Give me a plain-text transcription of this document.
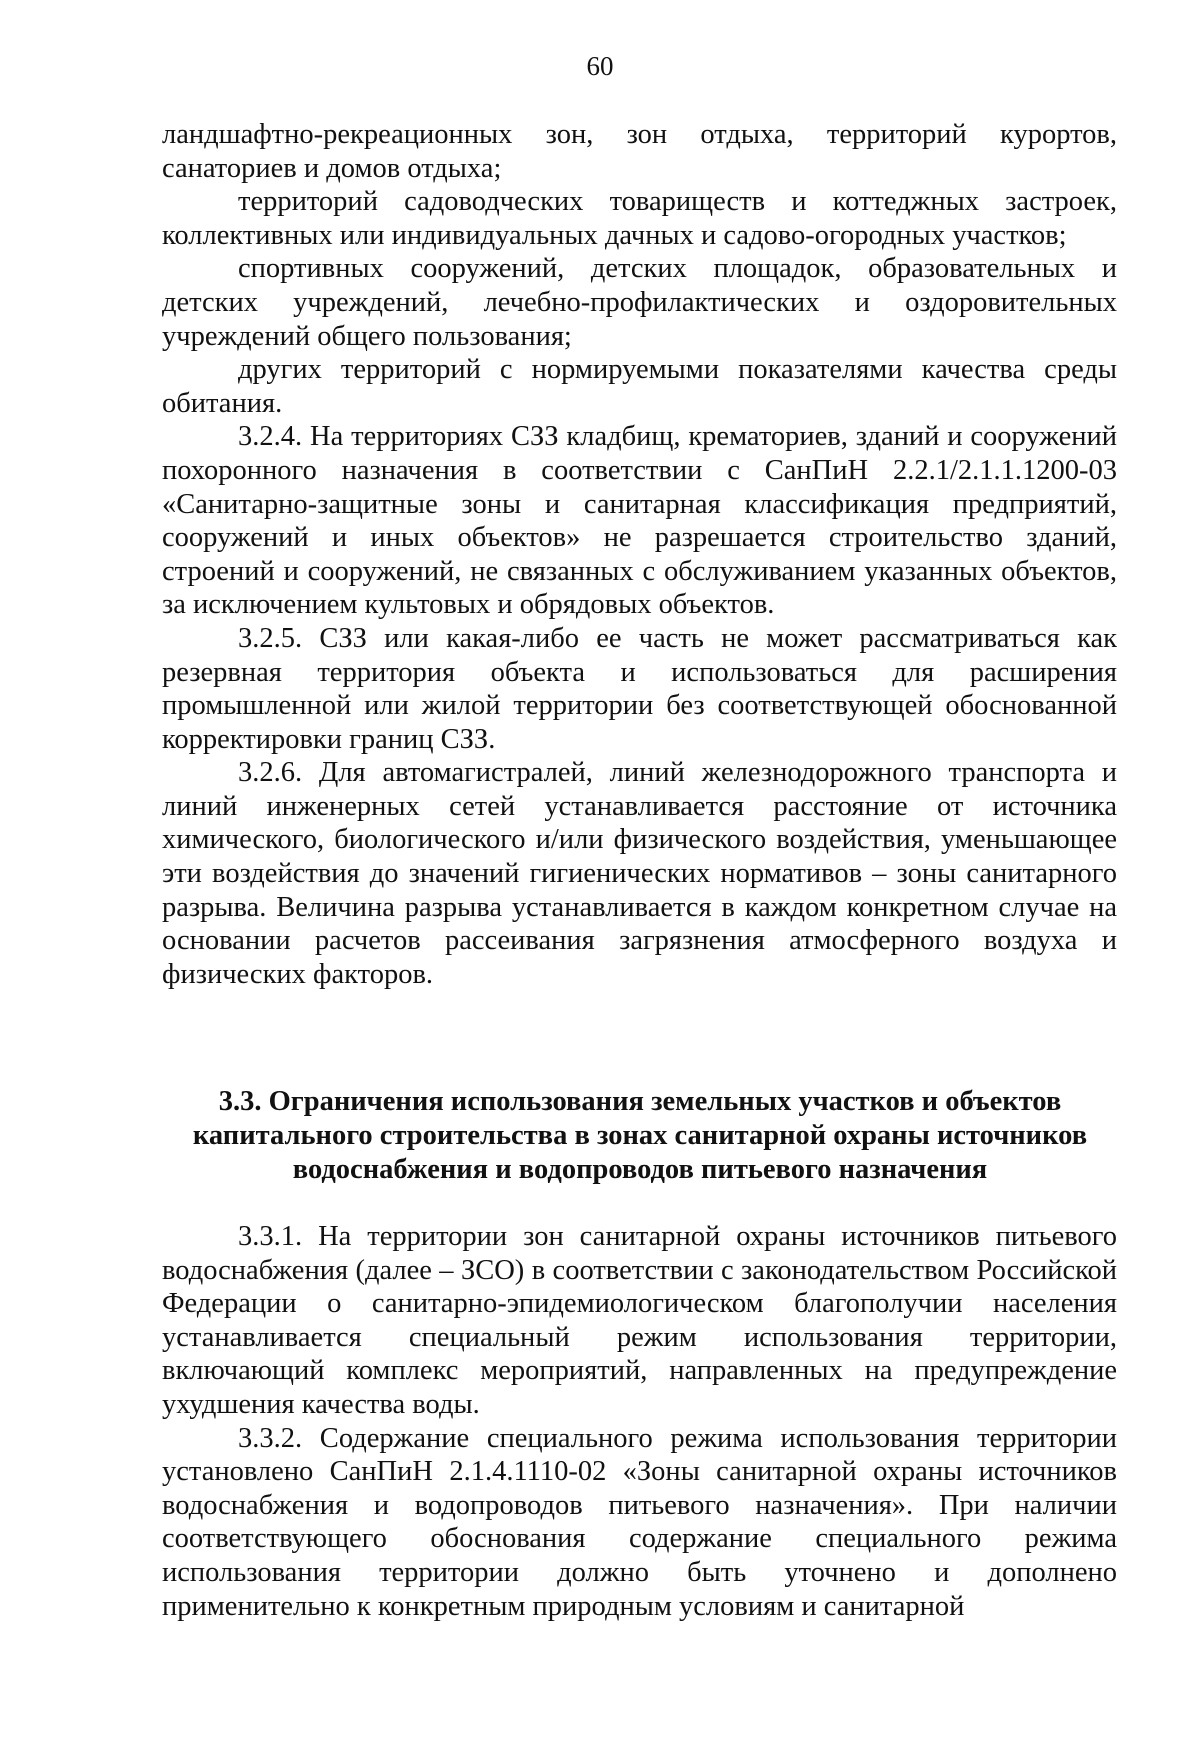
60

ландшафтно-рекреационных зон, зон отдыха, территорий курортов, санаториев и домов отдыха;

территорий садоводческих товариществ и коттеджных застроек, коллективных или индивидуальных дачных и садово-огородных участков;

спортивных сооружений, детских площадок, образовательных и детских учреждений, лечебно-профилактических и оздоровительных учреждений общего пользования;

других территорий с нормируемыми показателями качества среды обитания.

3.2.4. На территориях СЗЗ кладбищ, крематориев, зданий и сооружений похоронного назначения в соответствии с СанПиН 2.2.1/2.1.1.1200-03 «Санитарно-защитные зоны и санитарная классификация предприятий, сооружений и иных объектов» не разрешается строительство зданий, строений и сооружений, не связанных с обслуживанием указанных объектов, за исключением культовых и обрядовых объектов.

3.2.5. СЗЗ или какая-либо ее часть не может рассматриваться как резервная территория объекта и использоваться для расширения промышленной или жилой территории без соответствующей обоснованной корректировки границ СЗЗ.

3.2.6. Для автомагистралей, линий железнодорожного транспорта и линий инженерных сетей устанавливается расстояние от источника химического, биологического и/или физического воздействия, уменьшающее эти воздействия до значений гигиенических нормативов – зоны санитарного разрыва. Величина разрыва устанавливается в каждом конкретном случае на основании расчетов рассеивания загрязнения атмосферного воздуха и физических факторов.

3.3. Ограничения использования земельных участков и объектов
капитального строительства в зонах санитарной охраны источников
водоснабжения и водопроводов питьевого назначения

3.3.1. На территории зон санитарной охраны источников питьевого водоснабжения (далее – ЗСО) в соответствии с законодательством Российской Федерации о санитарно-эпидемиологическом благополучии населения устанавливается специальный режим использования территории, включающий комплекс мероприятий, направленных на предупреждение ухудшения качества воды.

3.3.2. Содержание специального режима использования территории установлено СанПиН 2.1.4.1110-02 «Зоны санитарной охраны источников водоснабжения и водопроводов питьевого назначения». При наличии соответствующего обоснования содержание специального режима использования территории должно быть уточнено и дополнено применительно к конкретным природным условиям и санитарной
